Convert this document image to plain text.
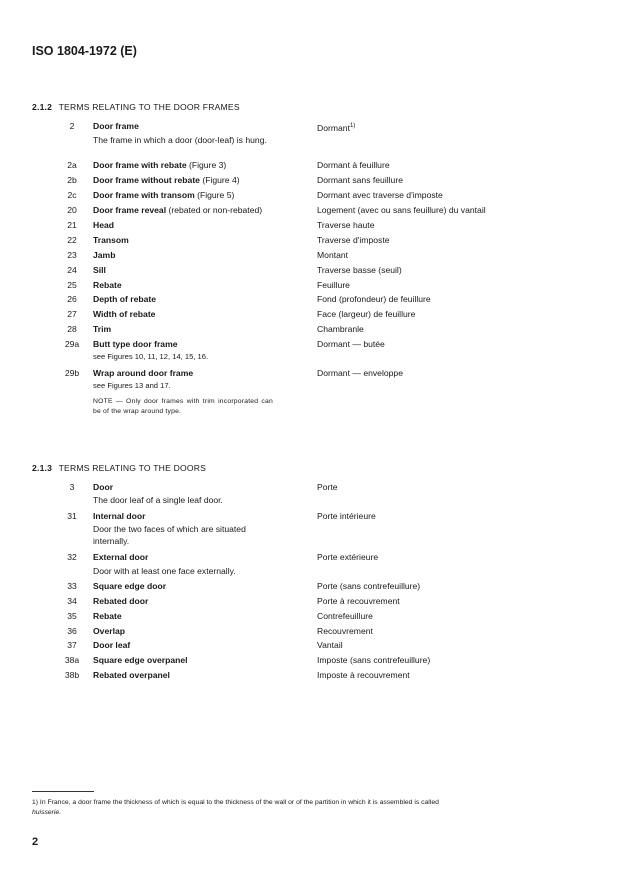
ISO 1804-1972 (E)
2.1.2 TERMS RELATING TO THE DOOR FRAMES
2	Door frame	Dormant$^{1)}$
2a	Door frame with rebate (Figure 3)	Dormant à feuillure
2b	Door frame without rebate (Figure 4)	Dormant sans feuillure
2c	Door frame with transom (Figure 5)	Dormant avec traverse d'imposte
20	Door frame reveal (rebated or non-rebated)	Logement (avec ou sans feuillure) du vantail
21	Head	Traverse haute
22	Transom	Traverse d'imposte
23	Jamb	Montant
24	Sill	Traverse basse (seuil)
25	Rebate	Feuillure
26	Depth of rebate	Fond (profondeur) de feuillure
27	Width of rebate	Face (largeur) de feuillure
28	Trim	Chambranle
29a	Butt type door frame	Dormant — butée
29b	Wrap around door frame	Dormant — enveloppe
The frame in which a door (door-leaf) is hung.
see Figures 10, 11, 12, 14, 15, 16.
see Figures 13 and 17.
NOTE — Only door frames with trim incorporated can be of the wrap around type.
2.1.3 TERMS RELATING TO THE DOORS
3	Door	Porte
31	Internal door	Porte intérieure
32	External door	Porte extérieure
33	Square edge door	Porte (sans contrefeuillure)
34	Rebated door	Porte à recouvrement
35	Rebate	Contrefeuillure
36	Overlap	Recouvrement
37	Door leaf	Vantail
38a	Square edge overpanel	Imposte (sans contrefeuillure)
38b	Rebated overpanel	Imposte à recouvrement
The door leaf of a single leaf door.
Door the two faces of which are situated internally.
Door with at least one face externally.
1) In France, a door frame the thickness of which is equal to the thickness of the wall or of the partition in which it is assembled is called
huisserie.
2
